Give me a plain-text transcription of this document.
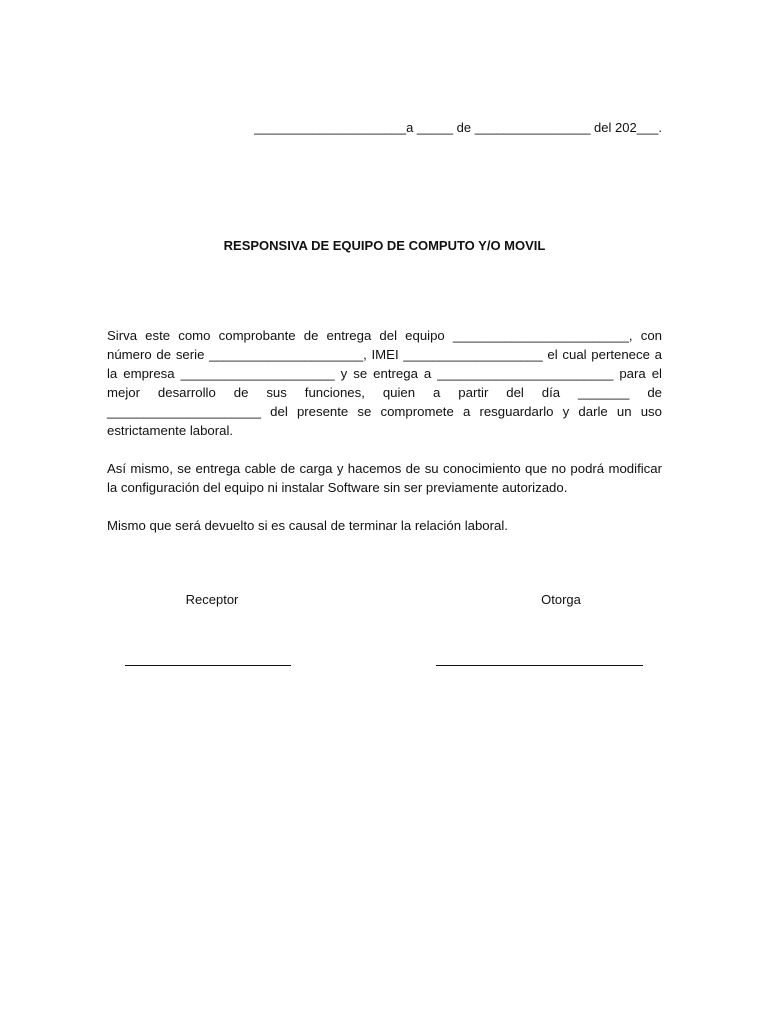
_____________________a _____ de ________________ del 202___.
RESPONSIVA DE EQUIPO DE COMPUTO Y/O MOVIL
Sirva este como comprobante de entrega del equipo ________________________, con número de serie _____________________, IMEI ___________________ el cual pertenece a la empresa _____________________ y se entrega a ________________________ para el mejor desarrollo de sus funciones, quien a partir del día _______ de _____________________ del presente se compromete a resguardarlo y darle un uso estrictamente laboral.
Así mismo, se entrega cable de carga y hacemos de su conocimiento que no podrá modificar la configuración del equipo ni instalar Software sin ser previamente autorizado.
Mismo que será devuelto si es causal de terminar la relación laboral.
Receptor	Otorga
